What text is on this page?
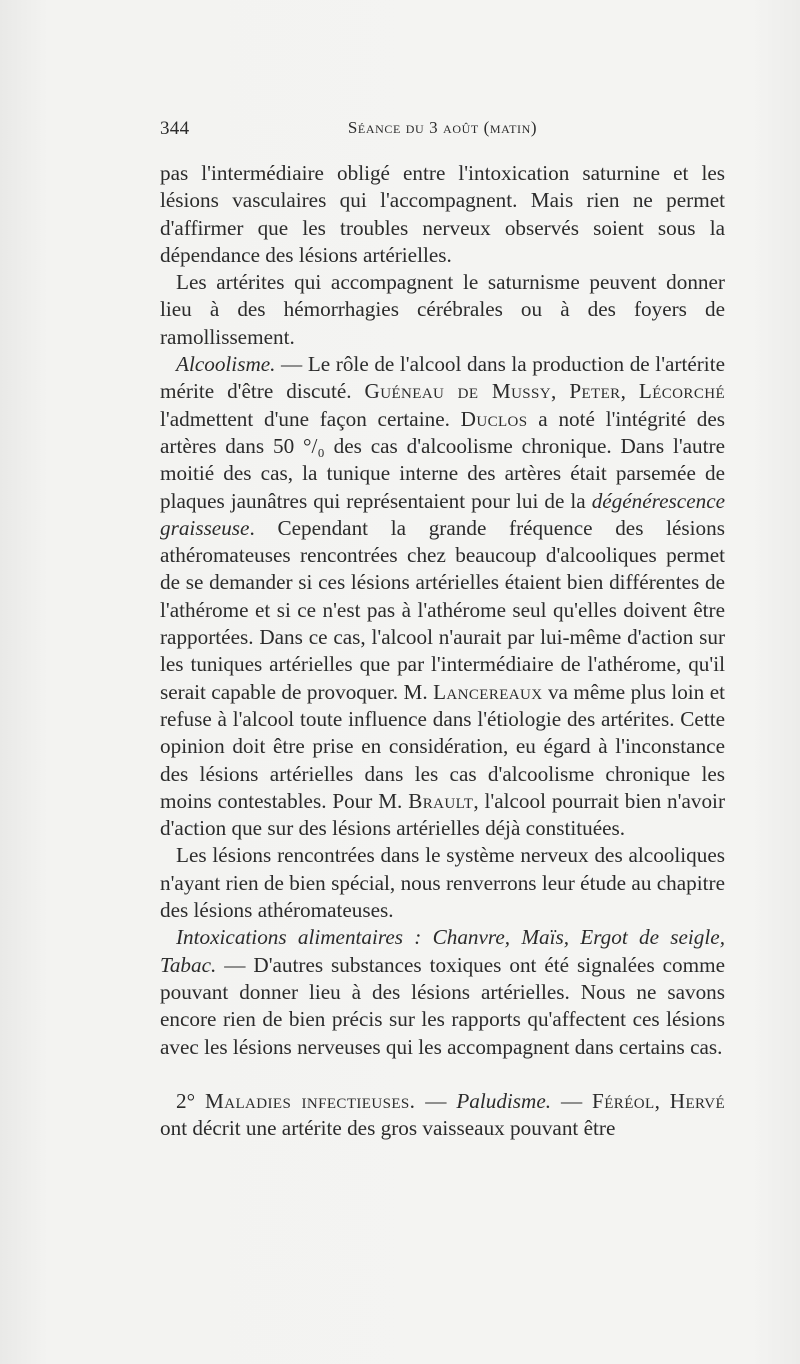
344	Séance du 3 août (matin)

pas l'intermédiaire obligé entre l'intoxication saturnine et les lésions vasculaires qui l'accompagnent. Mais rien ne permet d'affirmer que les troubles nerveux observés soient sous la dépendance des lésions artérielles.

Les artérites qui accompagnent le saturnisme peuvent donner lieu à des hémorrhagies cérébrales ou à des foyers de ramollissement.

Alcoolisme. — Le rôle de l'alcool dans la production de l'artérite mérite d'être discuté. Guéneau de Mussy, Peter, Lécorché l'admettent d'une façon certaine. Duclos a noté l'intégrité des artères dans 50 °/₀ des cas d'alcoolisme chronique. Dans l'autre moitié des cas, la tunique interne des artères était parsemée de plaques jaunâtres qui représentaient pour lui de la dégénérescence graisseuse. Cependant la grande fréquence des lésions athéromateuses rencontrées chez beaucoup d'alcooliques permet de se demander si ces lésions artérielles étaient bien différentes de l'athérome et si ce n'est pas à l'athérome seul qu'elles doivent être rapportées. Dans ce cas, l'alcool n'aurait par lui-même d'action sur les tuniques artérielles que par l'intermédiaire de l'athérome, qu'il serait capable de provoquer. M. Lancereaux va même plus loin et refuse à l'alcool toute influence dans l'étiologie des artérites. Cette opinion doit être prise en considération, eu égard à l'inconstance des lésions artérielles dans les cas d'alcoolisme chronique les moins contestables. Pour M. Brault, l'alcool pourrait bien n'avoir d'action que sur des lésions artérielles déjà constituées.

Les lésions rencontrées dans le système nerveux des alcooliques n'ayant rien de bien spécial, nous renverrons leur étude au chapitre des lésions athéromateuses.

Intoxications alimentaires : Chanvre, Maïs, Ergot de seigle, Tabac. — D'autres substances toxiques ont été signalées comme pouvant donner lieu à des lésions artérielles. Nous ne savons encore rien de bien précis sur les rapports qu'affectent ces lésions avec les lésions nerveuses qui les accompagnent dans certains cas.

2° Maladies infectieuses. — Paludisme. — Féréol, Hervé ont décrit une artérite des gros vaisseaux pouvant être
